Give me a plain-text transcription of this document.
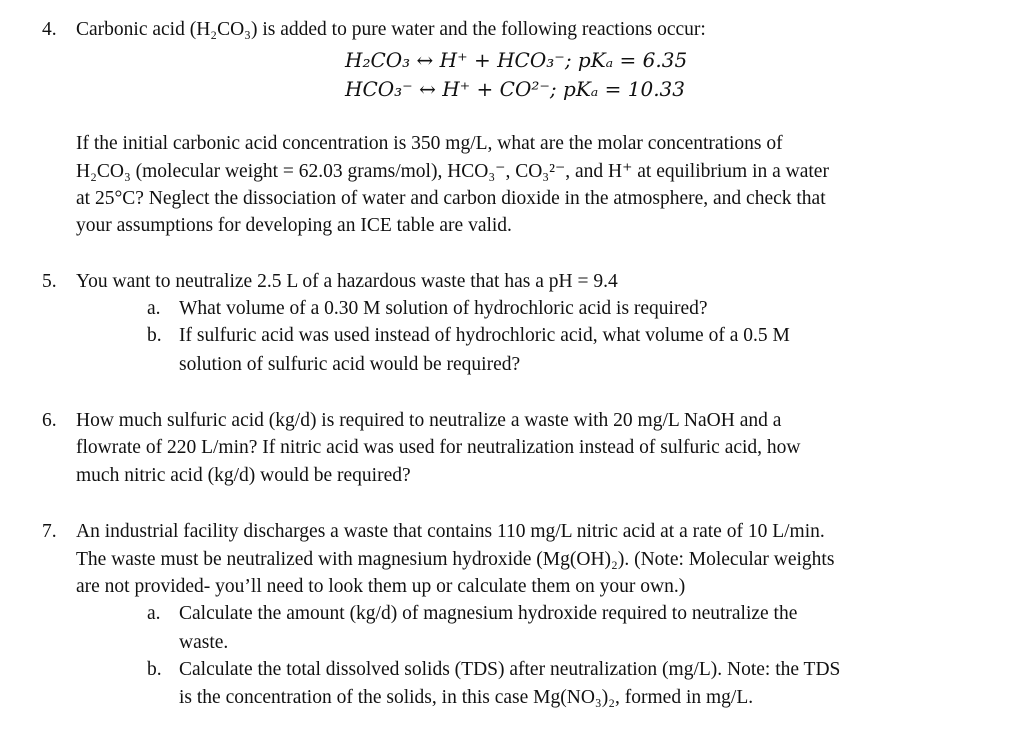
4. Carbonic acid (H₂CO₃) is added to pure water and the following reactions occur:
H₂CO₃ ↔ H⁺ + HCO₃⁻; pKₐ = 6.35
HCO₃⁻ ↔ H⁺ + CO²⁻; pKₐ = 10.33
If the initial carbonic acid concentration is 350 mg/L, what are the molar concentrations of
H₂CO₃ (molecular weight = 62.03 grams/mol), HCO₃⁻, CO₃²⁻, and H⁺ at equilibrium in a water
at 25°C? Neglect the dissociation of water and carbon dioxide in the atmosphere, and check that
your assumptions for developing an ICE table are valid.
5. You want to neutralize 2.5 L of a hazardous waste that has a pH = 9.4
a. What volume of a 0.30 M solution of hydrochloric acid is required?
b. If sulfuric acid was used instead of hydrochloric acid, what volume of a 0.5 M
solution of sulfuric acid would be required?
6. How much sulfuric acid (kg/d) is required to neutralize a waste with 20 mg/L NaOH and a
flowrate of 220 L/min? If nitric acid was used for neutralization instead of sulfuric acid, how
much nitric acid (kg/d) would be required?
7. An industrial facility discharges a waste that contains 110 mg/L nitric acid at a rate of 10 L/min.
The waste must be neutralized with magnesium hydroxide (Mg(OH)₂). (Note: Molecular weights
are not provided- you’ll need to look them up or calculate them on your own.)
a. Calculate the amount (kg/d) of magnesium hydroxide required to neutralize the
waste.
b. Calculate the total dissolved solids (TDS) after neutralization (mg/L). Note: the TDS
is the concentration of the solids, in this case Mg(NO₃)₂, formed in mg/L.
